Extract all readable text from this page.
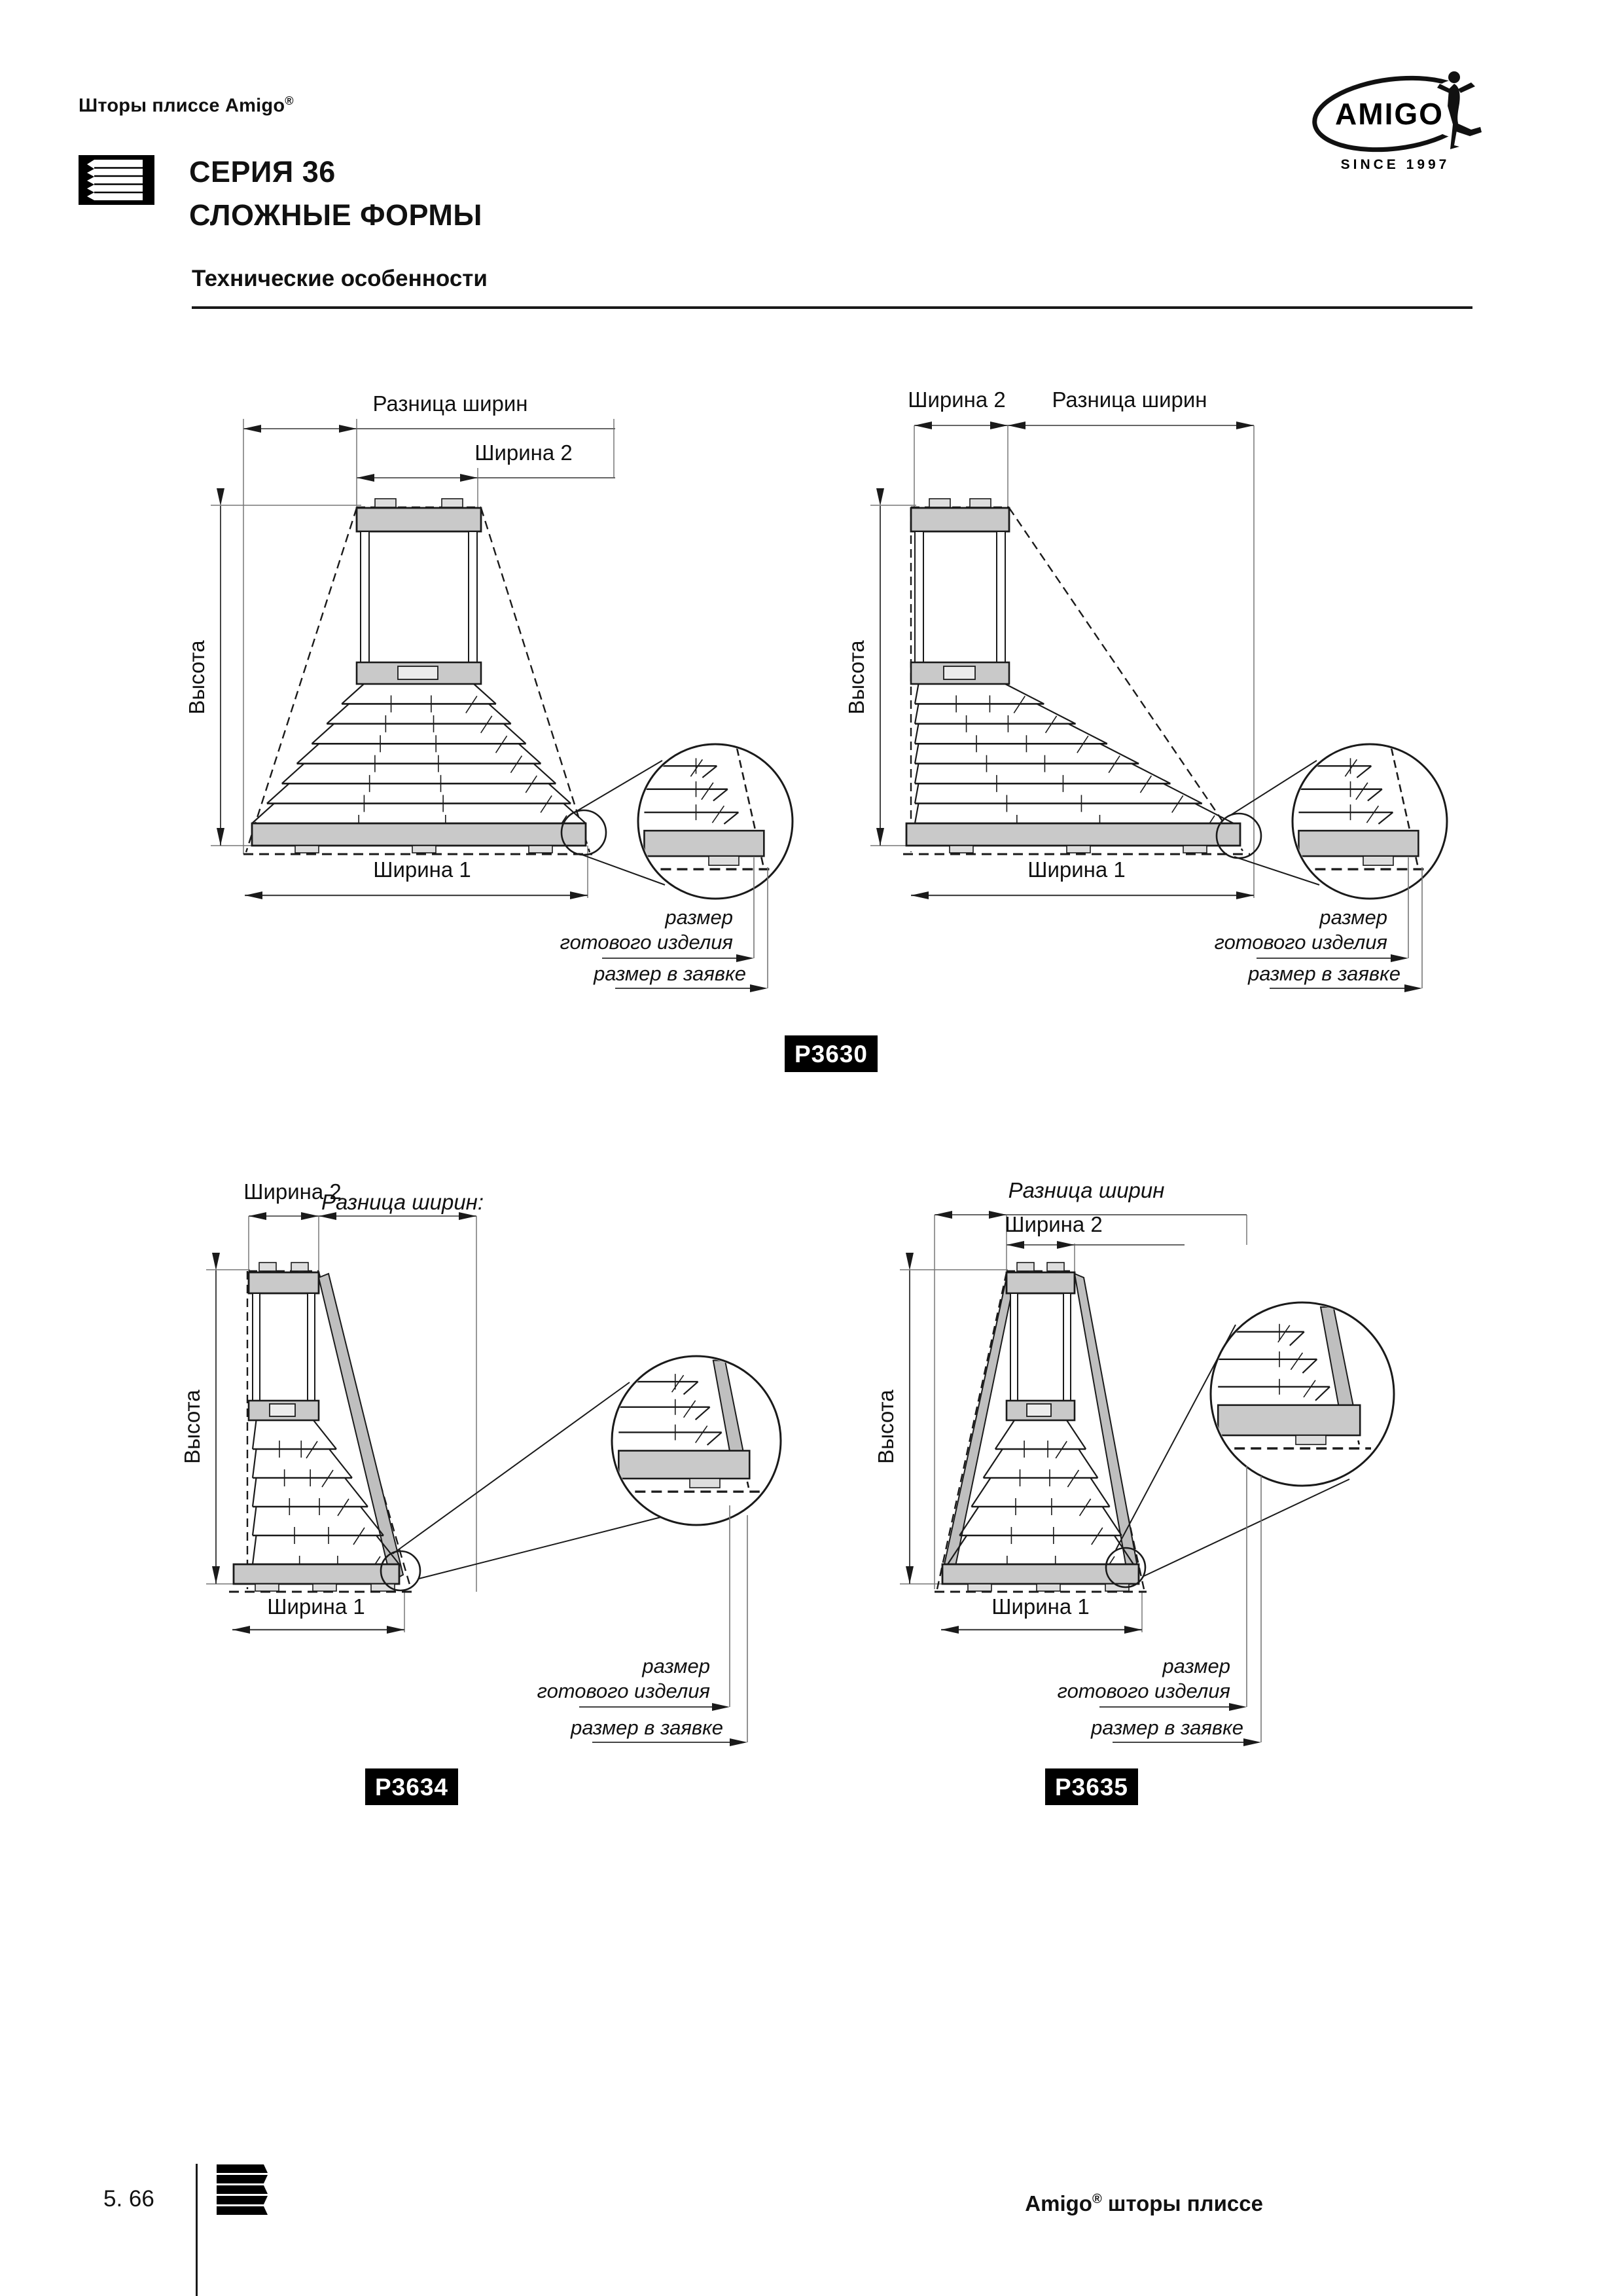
Шторы плиссе Amigo®
СЕРИЯ 36
СЛОЖНЫЕ ФОРМЫ
AMIGO
SINCE 1997
Технические особенности
Разница ширин
Ширина 2
Высота
Ширина 1
размер
готового изделия
размер в заявке
Ширина 2 Разница ширин
Высота
Ширина 1
размер
готового изделия
размер в заявке
Ширина 2
Разница ширин:
Высота
Ширина 1
размер
готового изделия
размер в заявке
Разница ширин
Ширина 2
Высота
Ширина 1
размер
готового изделия
размер в заявке
P3630
P3634	P3635
5. 66	Amigo® шторы плиссе
